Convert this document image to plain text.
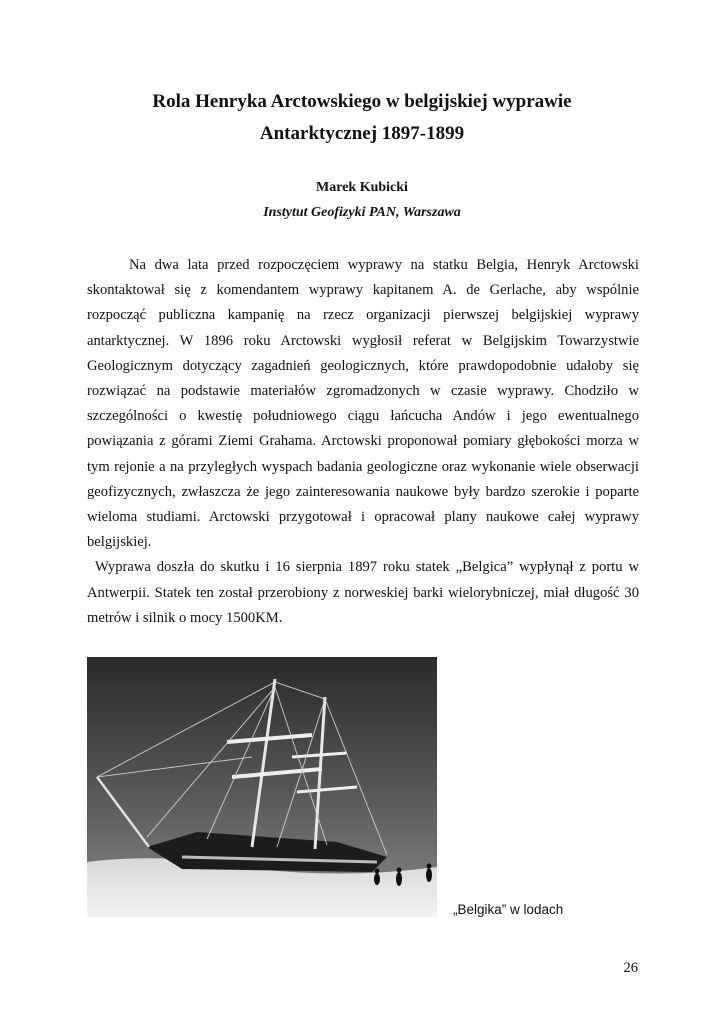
Rola Henryka Arctowskiego w belgijskiej wyprawie
Antarktycznej 1897-1899
Marek Kubicki
Instytut Geofizyki PAN, Warszawa

Na dwa lata przed rozpoczęciem wyprawy na statku Belgia, Henryk Arctowski skontaktował się z komendantem wyprawy kapitanem A. de Gerlache, aby wspólnie rozpocząć publiczna kampanię na rzecz organizacji pierwszej belgijskiej wyprawy antarktycznej. W 1896 roku Arctowski wygłosił referat w Belgijskim Towarzystwie Geologicznym dotyczący zagadnień geologicznych, które prawdopodobnie udałoby się rozwiązać na podstawie materiałów zgromadzonych w czasie wyprawy. Chodziło w szczególności o kwestię południowego ciągu łańcucha Andów i jego ewentualnego powiązania z górami Ziemi Grahama. Arctowski proponował pomiary głębokości morza w tym rejonie a na przyległych wyspach badania geologiczne oraz wykonanie wiele obserwacji geofizycznych, zwłaszcza że jego zainteresowania naukowe były bardzo szerokie i poparte wieloma studiami. Arctowski przygotował i opracował plany naukowe całej wyprawy belgijskiej.

Wyprawa doszła do skutku i 16 sierpnia 1897 roku statek „Belgica” wypłynął z portu w Antwerpii. Statek ten został przerobiony z norweskiej barki wielorybniczej, miał długość 30 metrów i silnik o mocy 1500KM.

„Belgika” w lodach
26
